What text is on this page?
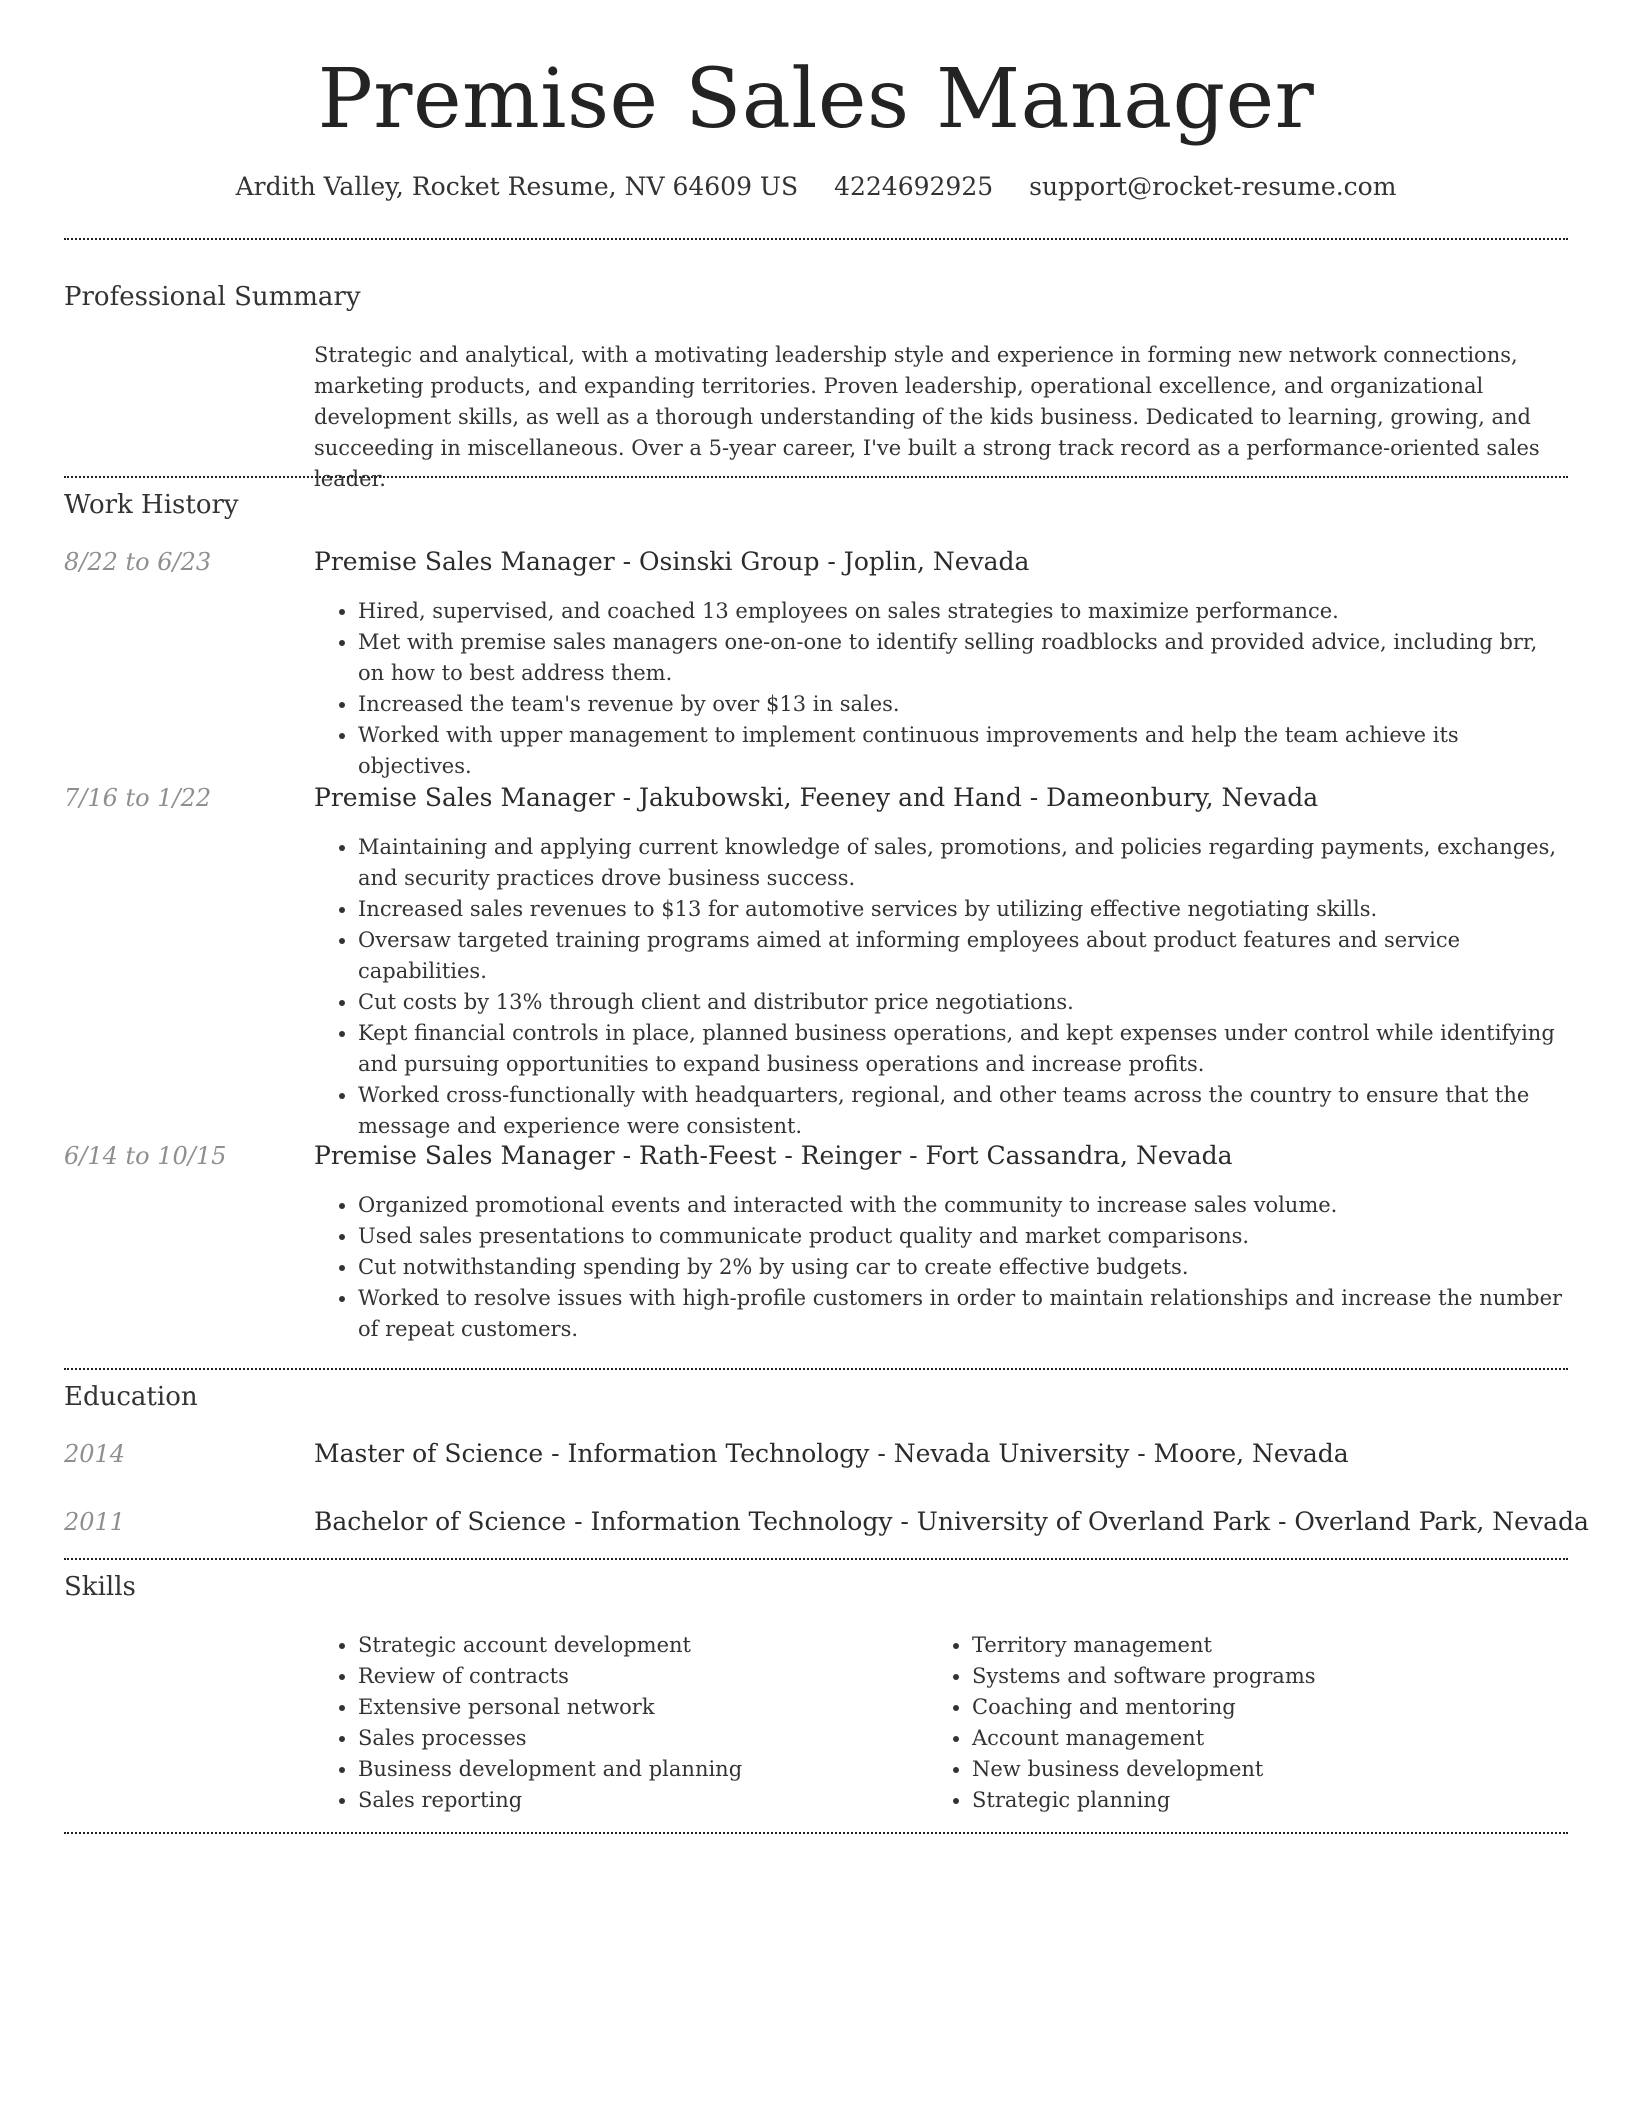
Premise Sales Manager
Ardith Valley, Rocket Resume, NV 64609 US 4224692925 support@rocket-resume.com
Professional Summary
Strategic and analytical, with a motivating leadership style and experience in forming new network connections, marketing products, and expanding territories. Proven leadership, operational excellence, and organizational development skills, as well as a thorough understanding of the kids business. Dedicated to learning, growing, and succeeding in miscellaneous. Over a 5-year career, I've built a strong track record as a performance-oriented sales leader.
Work History
8/22 to 6/23	Premise Sales Manager - Osinski Group - Joplin, Nevada
• Hired, supervised, and coached 13 employees on sales strategies to maximize performance.
• Met with premise sales managers one-on-one to identify selling roadblocks and provided advice, including brr, on how to best address them.
• Increased the team's revenue by over $13 in sales.
• Worked with upper management to implement continuous improvements and help the team achieve its objectives.
7/16 to 1/22	Premise Sales Manager - Jakubowski, Feeney and Hand - Dameonbury, Nevada
• Maintaining and applying current knowledge of sales, promotions, and policies regarding payments, exchanges, and security practices drove business success.
• Increased sales revenues to $13 for automotive services by utilizing effective negotiating skills.
• Oversaw targeted training programs aimed at informing employees about product features and service capabilities.
• Cut costs by 13% through client and distributor price negotiations.
• Kept financial controls in place, planned business operations, and kept expenses under control while identifying and pursuing opportunities to expand business operations and increase profits.
• Worked cross-functionally with headquarters, regional, and other teams across the country to ensure that the message and experience were consistent.
6/14 to 10/15	Premise Sales Manager - Rath-Feest - Reinger - Fort Cassandra, Nevada
• Organized promotional events and interacted with the community to increase sales volume.
• Used sales presentations to communicate product quality and market comparisons.
• Cut notwithstanding spending by 2% by using car to create effective budgets.
• Worked to resolve issues with high-profile customers in order to maintain relationships and increase the number of repeat customers.
Education
2014	Master of Science - Information Technology - Nevada University - Moore, Nevada
2011	Bachelor of Science - Information Technology - University of Overland Park - Overland Park, Nevada
Skills
• Strategic account development
• Review of contracts
• Extensive personal network
• Sales processes
• Business development and planning
• Sales reporting
• Territory management
• Systems and software programs
• Coaching and mentoring
• Account management
• New business development
• Strategic planning
